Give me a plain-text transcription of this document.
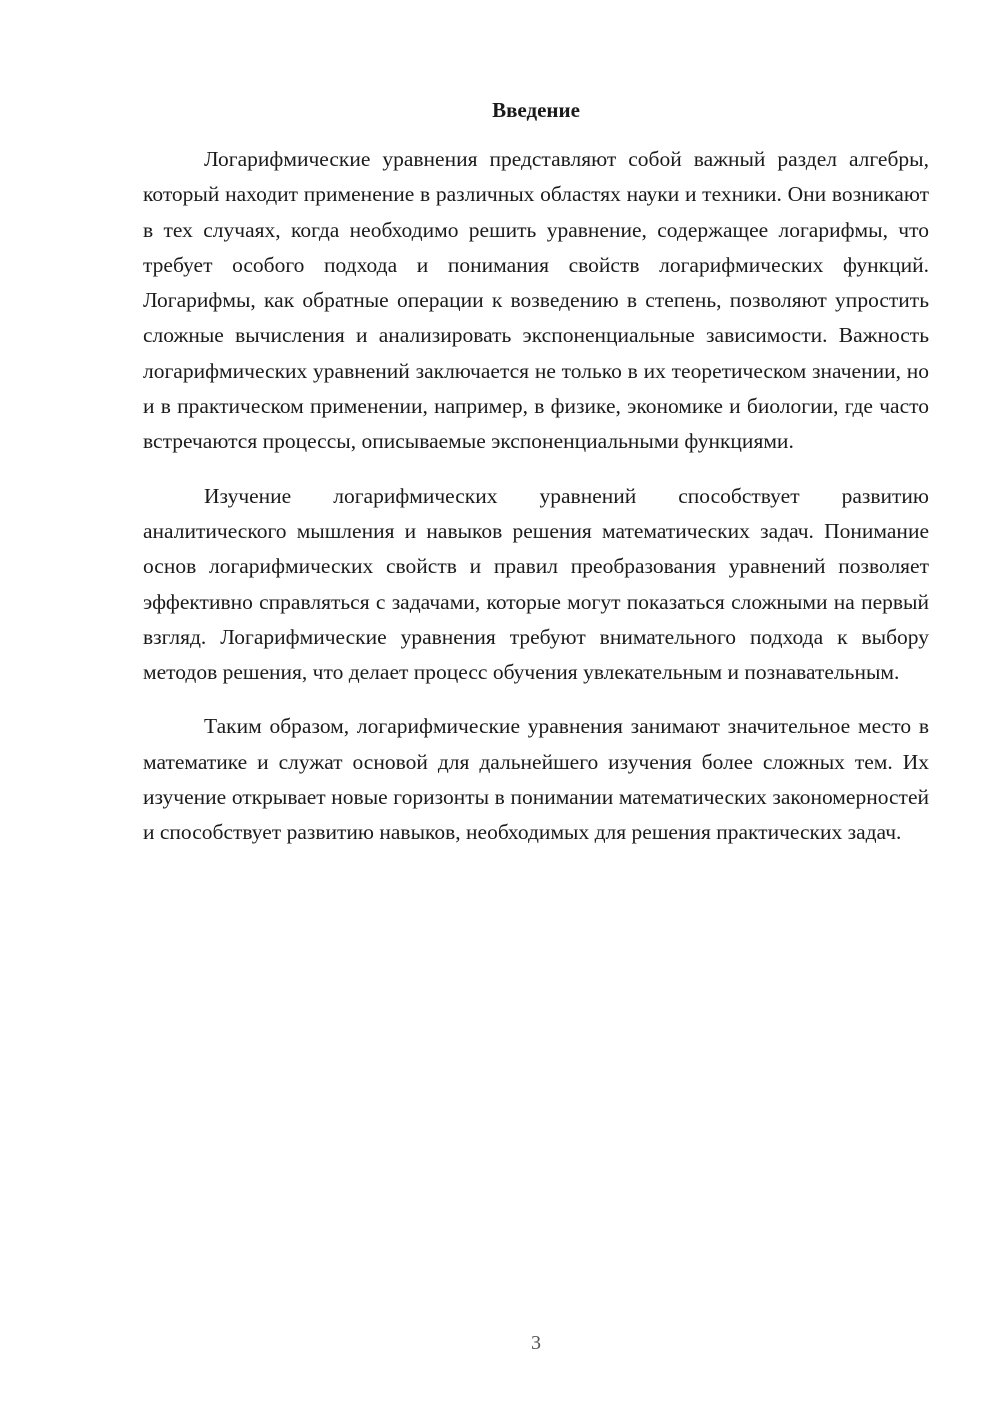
Введение

Логарифмические уравнения представляют собой важный раздел алгебры, который находит применение в различных областях науки и техники. Они возникают в тех случаях, когда необходимо решить уравнение, содержащее логарифмы, что требует особого подхода и понимания свойств логарифмических функций. Логарифмы, как обратные операции к возведению в степень, позволяют упростить сложные вычисления и анализировать экспоненциальные зависимости. Важность логарифмических уравнений заключается не только в их теоретическом значении, но и в практическом применении, например, в физике, экономике и биологии, где часто встречаются процессы, описываемые экспоненциальными функциями.

Изучение логарифмических уравнений способствует развитию аналитического мышления и навыков решения математических задач. Понимание основ логарифмических свойств и правил преобразования уравнений позволяет эффективно справляться с задачами, которые могут показаться сложными на первый взгляд. Логарифмические уравнения требуют внимательного подхода к выбору методов решения, что делает процесс обучения увлекательным и познавательным.

Таким образом, логарифмические уравнения занимают значительное место в математике и служат основой для дальнейшего изучения более сложных тем. Их изучение открывает новые горизонты в понимании математических закономерностей и способствует развитию навыков, необходимых для решения практических задач.

3
